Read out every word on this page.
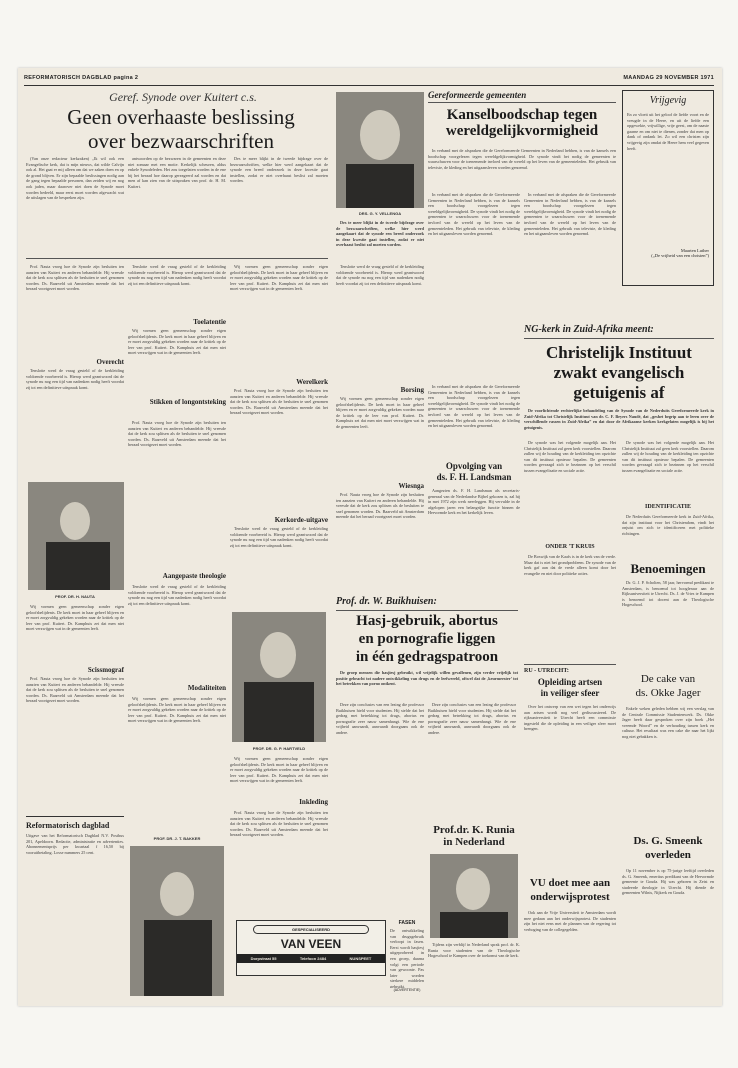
REFORMATORISCH DAGBLAD pagina 2	MAANDAG 29 NOVEMBER 1971
Geref. Synode over Kuitert c.s.
Geen overhaaste beslissing
over bezwaarschriften

(Van onze redacteur kerkzaken) „Ik wil ook een Evangelische kerk, dat is mijn nieuws, dat wilde Calvijn ook al. Het gaat er mij alleen om dat we zaken doen en op de grond blijven. Er zijn bepaalde beslissingen nodig aan de gang tegen bepaalde personen, dan zeiden wij en nog ook jaden, maar daarover niet doen de Synode moet worden bedeeld, maar eerst moet worden afgewacht wat de uitslagen van de bespreken zijn.

antwoorden op de bezwaren in de gemeenten en deze niet zomaar met een motie. Kerkelijk scheuren, aldus enkele Synodeleden. Het zou toegelaten worden in de ene bij het beraad hoe daarop gereageerd zal worden en dat men af kan zien van de uitspraken van prof. dr. H. M. Kuitert.

Des te meer blijkt in de tweede bijdrage over de bezwaarschriften, welke hier werd aangekaart dat de synode een breed onderzoek in deze kwestie gaat instellen, zodat er niet overhaast beslist zal moeten worden.

Prof. Nauta vroeg hoe de Synode zijn besluiten ten aanzien van Kuitert en anderen behandelde. Hij vreesde dat de kerk zou splitsen als de besluiten te snel genomen worden. Ds. Baarveld uit Amsterdam meende dat het beraad voortgezet moet worden.

Overecht

Tenslotte werd de vraag gesteld of de kerkleiding voldoende voorbereid is. Hierop werd geantwoord dat de synode nu nog een tijd van nadenken nodig heeft voordat zij tot een definitieve uitspraak komt.

PROF. DR. H. NAUTA

Wij vormen geen gemeenschap zonder eigen geloofsbelijdenis. De kerk moet in haar geheel blijven en er moet zorgvuldig gekeken worden naar de kritiek op de leer van prof. Kuitert. Dr. Kamphuis zei dat men niet moet verzwijgen wat in de gemeenten leeft.

Scissmograf

Prof. Nauta vroeg hoe de Synode zijn besluiten ten aanzien van Kuitert en anderen behandelde. Hij vreesde dat de kerk zou splitsen als de besluiten te snel genomen worden. Ds. Baarveld uit Amsterdam meende dat het beraad voortgezet moet worden.

Reformatorisch dagblad
Uitgave van het Reformatorisch Dagblad N.V. Postbus 201, Apeldoorn. Redactie, administratie en advertenties. Abonnementsprijs per kwartaal f 16,50 bij vooruitbetaling. Losse nummers 25 cent.

Tenslotte werd de vraag gesteld of de kerkleiding voldoende voorbereid is. Hierop werd geantwoord dat de synode nu nog een tijd van nadenken nodig heeft voordat zij tot een definitieve uitspraak komt.

Toelatentie

Wij vormen geen gemeenschap zonder eigen geloofsbelijdenis. De kerk moet in haar geheel blijven en er moet zorgvuldig gekeken worden naar de kritiek op de leer van prof. Kuitert. Dr. Kamphuis zei dat men niet moet verzwijgen wat in de gemeenten leeft.

Stikken of longontsteking

Prof. Nauta vroeg hoe de Synode zijn besluiten ten aanzien van Kuitert en anderen behandelde. Hij vreesde dat de kerk zou splitsen als de besluiten te snel genomen worden. Ds. Baarveld uit Amsterdam meende dat het beraad voortgezet moet worden.

Aangepaste theologie

Tenslotte werd de vraag gesteld of de kerkleiding voldoende voorbereid is. Hierop werd geantwoord dat de synode nu nog een tijd van nadenken nodig heeft voordat zij tot een definitieve uitspraak komt.

Modaliteiten

Wij vormen geen gemeenschap zonder eigen geloofsbelijdenis. De kerk moet in haar geheel blijven en er moet zorgvuldig gekeken worden naar de kritiek op de leer van prof. Kuitert. Dr. Kamphuis zei dat men niet moet verzwijgen wat in de gemeenten leeft.

PROF. DR. J. T. BAKKER

Wij vormen geen gemeenschap zonder eigen geloofsbelijdenis. De kerk moet in haar geheel blijven en er moet zorgvuldig gekeken worden naar de kritiek op de leer van prof. Kuitert. Dr. Kamphuis zei dat men niet moet verzwijgen wat in de gemeenten leeft.

Werelkerk

Prof. Nauta vroeg hoe de Synode zijn besluiten ten aanzien van Kuitert en anderen behandelde. Hij vreesde dat de kerk zou splitsen als de besluiten te snel genomen worden. Ds. Baarveld uit Amsterdam meende dat het beraad voortgezet moet worden.

Kerkorde-uitgave

Tenslotte werd de vraag gesteld of de kerkleiding voldoende voorbereid is. Hierop werd geantwoord dat de synode nu nog een tijd van nadenken nodig heeft voordat zij tot een definitieve uitspraak komt.

PROF. DR. G. P. HARTVELD

Wij vormen geen gemeenschap zonder eigen geloofsbelijdenis. De kerk moet in haar geheel blijven en er moet zorgvuldig gekeken worden naar de kritiek op de leer van prof. Kuitert. Dr. Kamphuis zei dat men niet moet verzwijgen wat in de gemeenten leeft.

Inkleding

Prof. Nauta vroeg hoe de Synode zijn besluiten ten aanzien van Kuitert en anderen behandelde. Hij vreesde dat de kerk zou splitsen als de besluiten te snel genomen worden. Ds. Baarveld uit Amsterdam meende dat het beraad voortgezet moet worden.

GESPECIALISEERD
VAN VEEN
Dorpstraat 55	Telefoon 2484	NUNSPEET
DRS. G. Y. VELLENGA

Des te meer blijkt in de tweede bijdrage over de bezwaarschriften, welke hier werd aangekaart dat de synode een breed onderzoek in deze kwestie gaat instellen, zodat er niet overhaast beslist zal moeten worden.

Tenslotte werd de vraag gesteld of de kerkleiding voldoende voorbereid is. Hierop werd geantwoord dat de synode nu nog een tijd van nadenken nodig heeft voordat zij tot een definitieve uitspraak komt.

Borsing

Wij vormen geen gemeenschap zonder eigen geloofsbelijdenis. De kerk moet in haar geheel blijven en er moet zorgvuldig gekeken worden naar de kritiek op de leer van prof. Kuitert. Dr. Kamphuis zei dat men niet moet verzwijgen wat in de gemeenten leeft.

Wiesnga

Prof. Nauta vroeg hoe de Synode zijn besluiten ten aanzien van Kuitert en anderen behandelde. Hij vreesde dat de kerk zou splitsen als de besluiten te snel genomen worden. Ds. Baarveld uit Amsterdam meende dat het beraad voortgezet moet worden.

Gereformeerde gemeenten
Kanselboodschap tegen wereldgelijkvormigheid

In verband met de afspraken die de Gereformeerde Gemeenten in Nederland hebben, is van de kansels een boodschap voorgelezen tegen wereldgelijkvormigheid. De synode vindt het nodig de gemeenten te waarschuwen voor de toenemende invloed van de wereld op het leven van de gemeenteleden. Het gebruik van televisie, de kleding en het uitgaansleven worden genoemd.

In verband met de afspraken die de Gereformeerde Gemeenten in Nederland hebben, is van de kansels een boodschap voorgelezen tegen wereldgelijkvormigheid. De synode vindt het nodig de gemeenten te waarschuwen voor de toenemende invloed van de wereld op het leven van de gemeenteleden. Het gebruik van televisie, de kleding en het uitgaansleven worden genoemd.

In verband met de afspraken die de Gereformeerde Gemeenten in Nederland hebben, is van de kansels een boodschap voorgelezen tegen wereldgelijkvormigheid. De synode vindt het nodig de gemeenten te waarschuwen voor de toenemende invloed van de wereld op het leven van de gemeenteleden. Het gebruik van televisie, de kleding en het uitgaansleven worden genoemd.

Vrijgevig
En zo vloeit uit het geloof de liefde voort en de vreugde in de Heere, en uit de liefde een opgewekte, vrijwillige, vrije geest, om de naaste gaarne en om niet te dienen, zonder dat men op dank of ondank let. Zo wil een christen zijn vrijgevig zijn omdat de Heere hem veel gegeven heeft.
Maarten Luther
(„De vrijheid van een christen”)
NG-kerk in Zuid-Afrika meent:
Christelijk Instituut
zwakt evangelisch
getuigenis af

De voorlichtende rechterlijke behandeling van de Synode van de Nederduits Gereformeerde kerk in Zuid-Afrika tot Christelijk Instituut van dr. C. F. Beyers Naudé, dat „geshet begrip aan te leren over de verschillende rassen in Zuid-Afrika” en dat door de Afrikaanse kerken kerkgelaten mogelijk is bij het getuigenis.

De synode was het volgende mogelijk aan. Het Christelijk Instituut zal geen kerk voorstellen. Daarom zullen wij de houding van de kerkleiding ten opzichte van dit instituut opnieuw bepalen. De gemeenten worden gevraagd zich te bezinnen op het verschil tussen evangelisatie en sociale actie.

ONDER 'T KRUIS

De Boswijk van de Kaafs is in de kerk van de vrede. Maar dat is niet het grondprobleem. De synode van de kerk gaf aan dat de vrede alleen komt door het evangelie en niet door politieke acties.

De synode was het volgende mogelijk aan. Het Christelijk Instituut zal geen kerk voorstellen. Daarom zullen wij de houding van de kerkleiding ten opzichte van dit instituut opnieuw bepalen. De gemeenten worden gevraagd zich te bezinnen op het verschil tussen evangelisatie en sociale actie.

IDENTIFICATIE

De Nederduits Gereformeerde kerk in Zuid-Afrika, dat zijn instituut voor het Christendom, vindt het onjuist om zich te identificeren met politieke richtingen.

Benoemingen

Dr. G. J. P. Scholten, 58 jaar, hervormd predikant te Amsterdam, is benoemd tot hoogleraar aan de Rijksuniversiteit te Utrecht. Ds. J. de Vries te Kampen is benoemd tot docent aan de Theologische Hogeschool.

De cake van
ds. Okke Jager

Enkele weken geleden hebben wij een verslag van de Centrale Commissie Studentenwerk. Ds. Okke Jager heeft daar gesproken over zijn boek „Het vreemde Woord” en de verhouding tussen kerk en cultuur. Het resultaat was een cake die naar het lijkt nog niet gebakken is.

Ds. G. Smeenk
overleden

Op 11 november is op 75-jarige leeftijd overleden ds. G. Smeenk, emeritus predikant van de Hervormde gemeente te Gouda. Hij was geboren in Zeist en studeerde theologie in Utrecht. Hij diende de gemeenten Wilnis, Nijkerk en Gouda.

Opvolging van
ds. F. H. Landsman

Aangezien ds. F. H. Landsman als secretaris-generaal van de Nederlandse Bijbel gekozen is, zal hij in mei 1972 zijn werk neerleggen. Hij vervulde in de afgelopen jaren een belangrijke functie binnen de Hervormde kerk en het kerkelijk leven.

In verband met de afspraken die de Gereformeerde Gemeenten in Nederland hebben, is van de kansels een boodschap voorgelezen tegen wereldgelijkvormigheid. De synode vindt het nodig de gemeenten te waarschuwen voor de toenemende invloed van de wereld op het leven van de gemeenteleden. Het gebruik van televisie, de kleding en het uitgaansleven worden genoemd.

Prof. dr. W. Buikhuisen:
Hasj-gebruik, abortus
en pornografie liggen
in één gedragspatroon

De groep mensen die hasjiesj gebruikt, wil vrijelijk willen gevallenen, zijn verder vrijelijk tot positie gebracht tot nadere ontwikkeling van drugs en de leefwereld, oftwel dat de ‚keurmeester’ tot het betrekken van porno ontkent.

Deze zijn conclusies van een lezing die professor Buikhuisen hield voor studenten. Hij stelde dat het gedrag met betrekking tot drugs, abortus en pornografie zeer nauw samenhangt. Wie de ene vrijheid aanvaardt, aanvaardt doorgaans ook de andere.

Deze zijn conclusies van een lezing die professor Buikhuisen hield voor studenten. Hij stelde dat het gedrag met betrekking tot drugs, abortus en pornografie zeer nauw samenhangt. Wie de ene vrijheid aanvaardt, aanvaardt doorgaans ook de andere.

Prof.dr. K. Runia in Nederland

Tijdens zijn verblijf in Nederland sprak prof. dr. K. Runia voor studenten van de Theologische Hogeschool te Kampen over de toekomst van de kerk.

RU - UTRECHT:
Opleiding artsen
in veiliger sfeer

Over het ontwerp van een wet tegen het onderwijs aan artsen wordt nog veel gediscussieerd. De rijksuniversiteit te Utrecht heeft een commissie ingesteld die de opleiding in een veiliger sfeer moet brengen.

VU doet mee aan
onderwijsprotest

Ook aan de Vrije Universiteit te Amsterdam wordt mee gedaan aan het onderwijsprotest. De studenten zijn het niet eens met de plannen van de regering tot verhoging van de collegegelden.

FASEN
De ontwikkeling van drugsgebruik verloopt in fasen. Eerst wordt hasjiesj uitgeprobeerd in een groep, daarna volgt een periode van gewoonte. Pas later worden sterkere middelen gebruikt.
(ADVERTENTIE)
